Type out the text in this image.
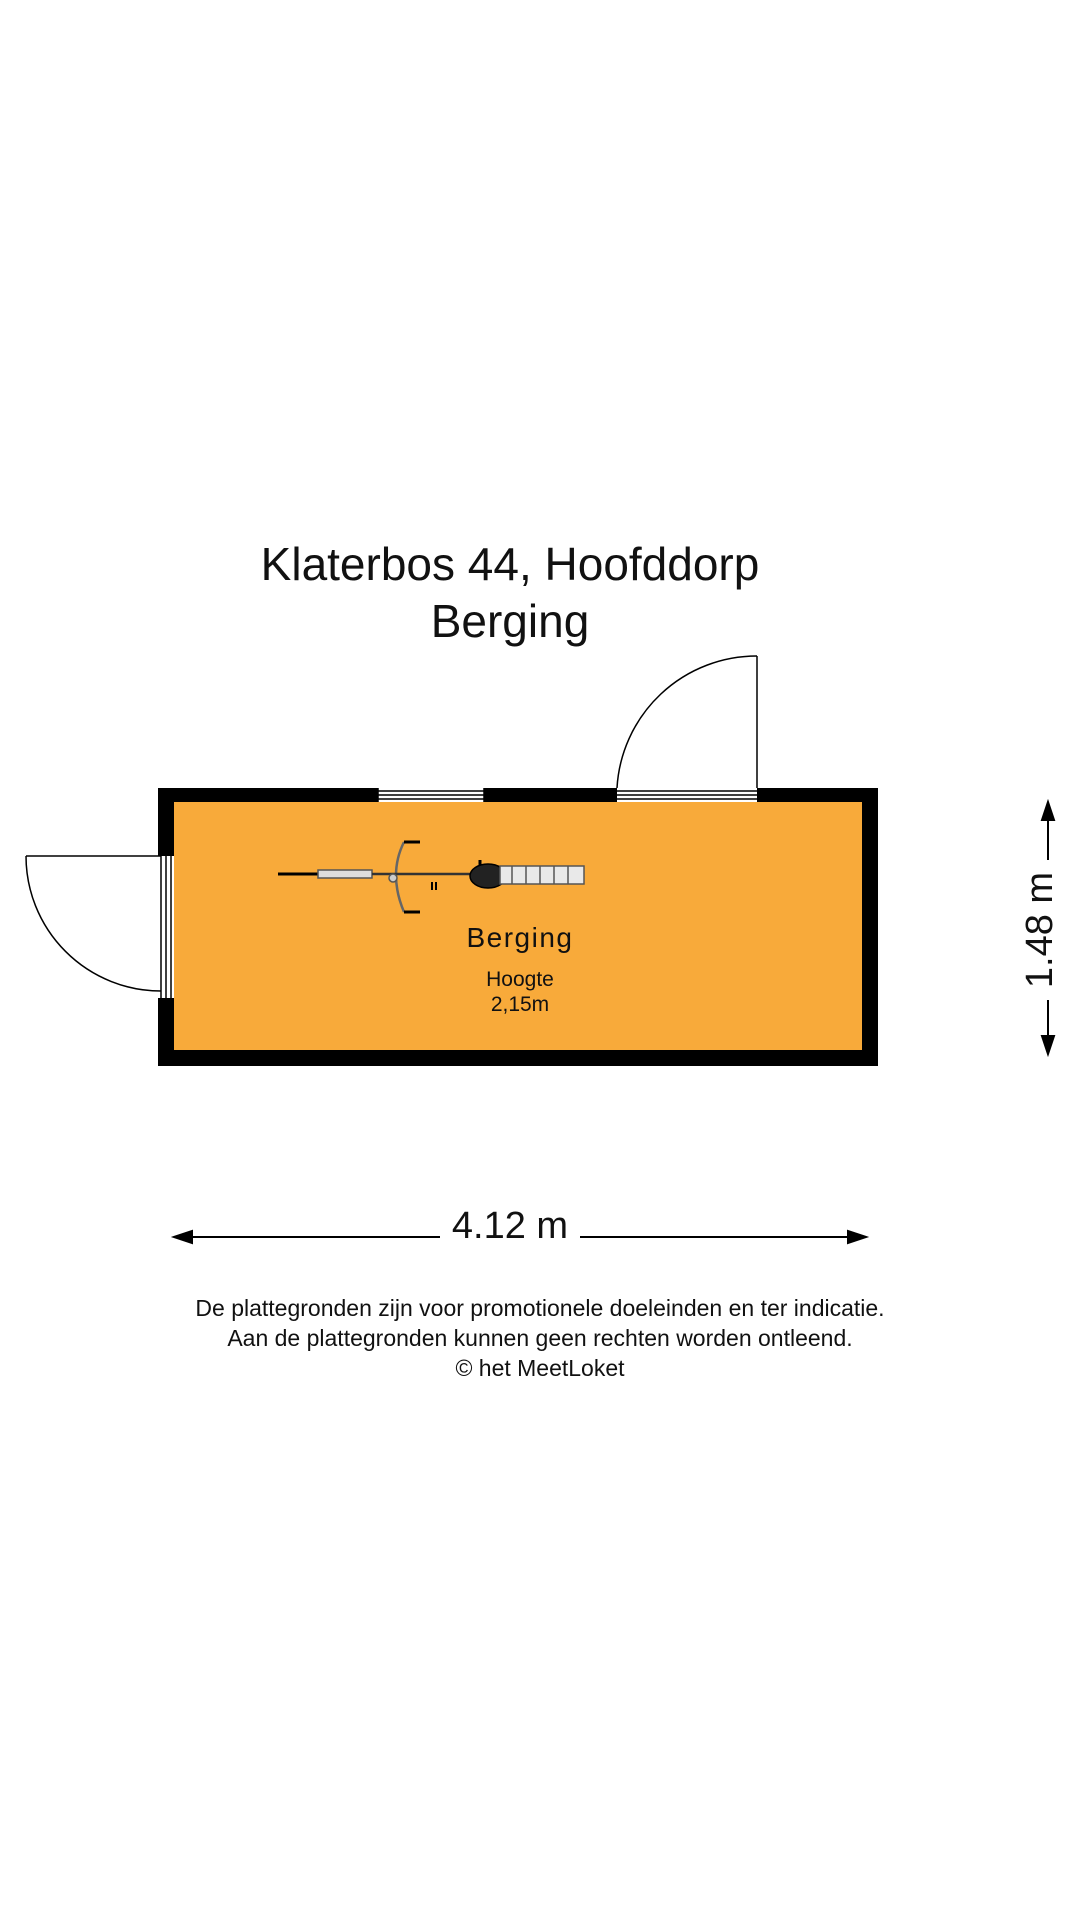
Klaterbos 44, Hoofddorp
Berging
Berging
Hoogte
2,15m
4.12 m
1.48 m

De plattegronden zijn voor promotionele doeleinden en ter indicatie.

Aan de plattegronden kunnen geen rechten worden ontleend.

© het MeetLoket
